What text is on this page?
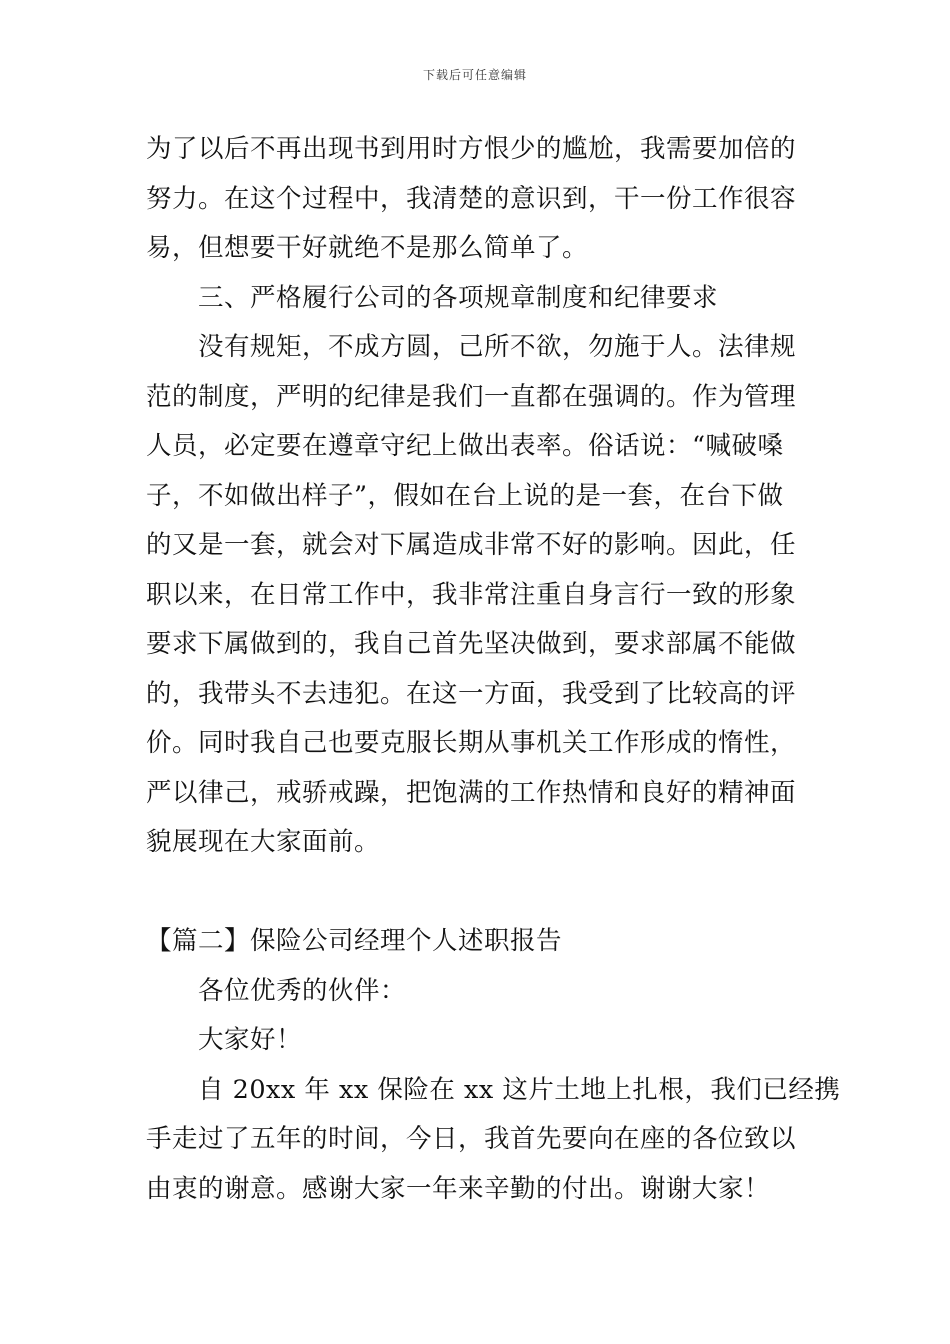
下载后可任意编辑
为了以后不再出现书到用时方恨少的尴尬，我需要加倍的
努力。在这个过程中，我清楚的意识到，干一份工作很容
易，但想要干好就绝不是那么简单了。
三、严格履行公司的各项规章制度和纪律要求
没有规矩，不成方圆，己所不欲，勿施于人。法律规
范的制度，严明的纪律是我们一直都在强调的。作为管理
人员，必定要在遵章守纪上做出表率。俗话说：“喊破嗓
子，不如做出样子”，假如在台上说的是一套，在台下做
的又是一套，就会对下属造成非常不好的影响。因此，任
职以来，在日常工作中，我非常注重自身言行一致的形象
要求下属做到的，我自己首先坚决做到，要求部属不能做
的，我带头不去违犯。在这一方面，我受到了比较高的评
价。同时我自己也要克服长期从事机关工作形成的惰性，
严以律己，戒骄戒躁，把饱满的工作热情和良好的精神面
貌展现在大家面前。
【篇二】保险公司经理个人述职报告
各位优秀的伙伴：
大家好！
自 20xx 年 xx 保险在 xx 这片土地上扎根，我们已经携
手走过了五年的时间，今日，我首先要向在座的各位致以
由衷的谢意。感谢大家一年来辛勤的付出。谢谢大家！
